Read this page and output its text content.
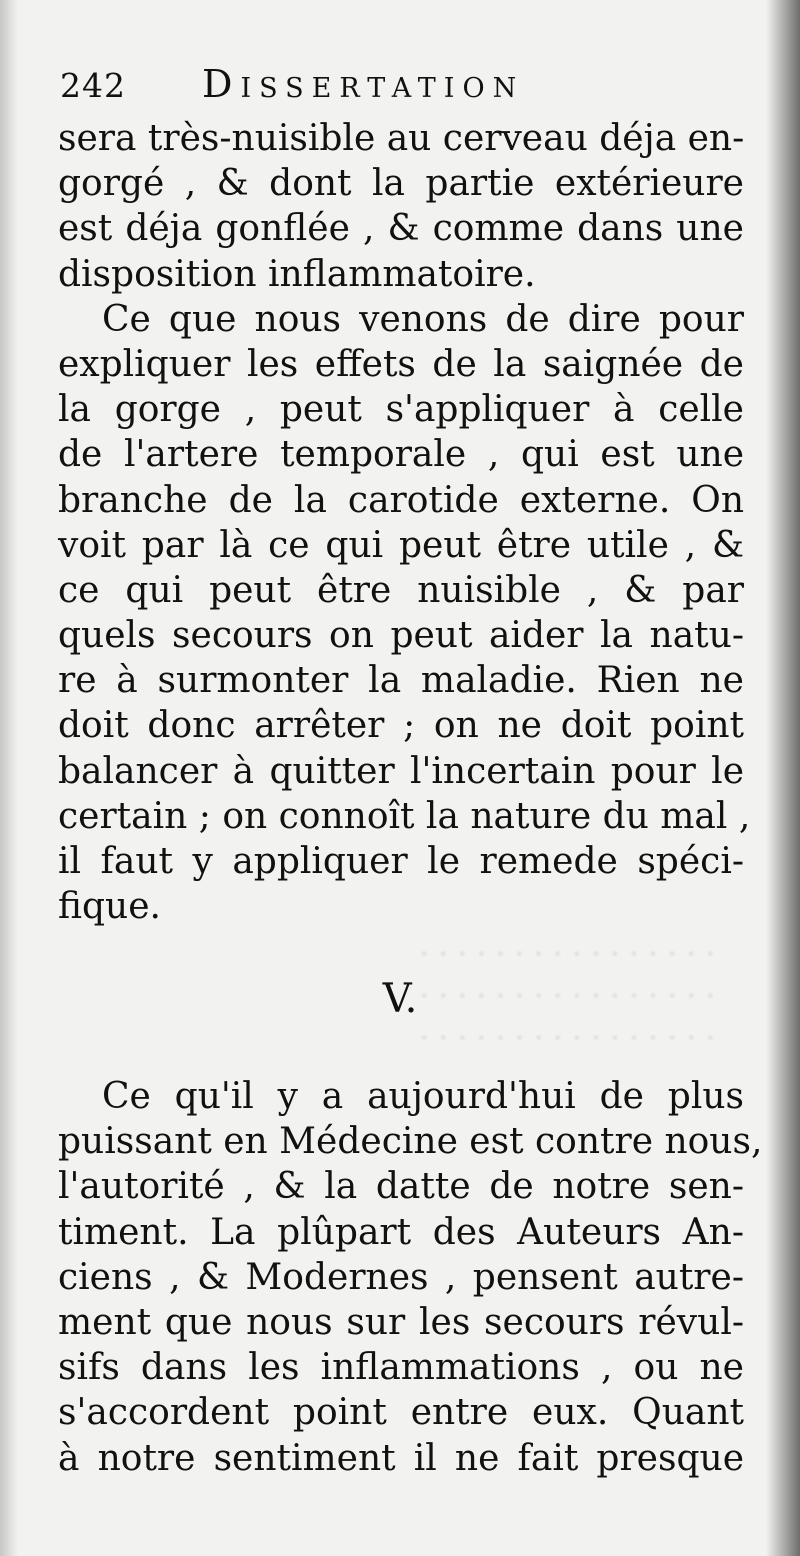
· · · · · · · · · · · · · · · ·
· · · · · · · · · · · · · · · ·
· · · · · · · · · · · · · · · ·
242 Dissertation
sera très-nuisible au cerveau déja en-
gorgé , & dont la partie extérieure
est déja gonflée , & comme dans une
disposition inflammatoire.
Ce que nous venons de dire pour
expliquer les effets de la saignée de
la gorge , peut s'appliquer à celle
de l'artere temporale , qui est une
branche de la carotide externe. On
voit par là ce qui peut être utile , &
ce qui peut être nuisible , & par
quels secours on peut aider la natu-
re à surmonter la maladie. Rien ne
doit donc arrêter ; on ne doit point
balancer à quitter l'incertain pour le
certain ; on connoît la nature du mal ,
il faut y appliquer le remede spéci-
fique.
V.
Ce qu'il y a aujourd'hui de plus
puissant en Médecine est contre nous,
l'autorité , & la datte de notre sen-
timent. La plûpart des Auteurs An-
ciens , & Modernes , pensent autre-
ment que nous sur les secours révul-
sifs dans les inflammations , ou ne
s'accordent point entre eux. Quant
à notre sentiment il ne fait presque
